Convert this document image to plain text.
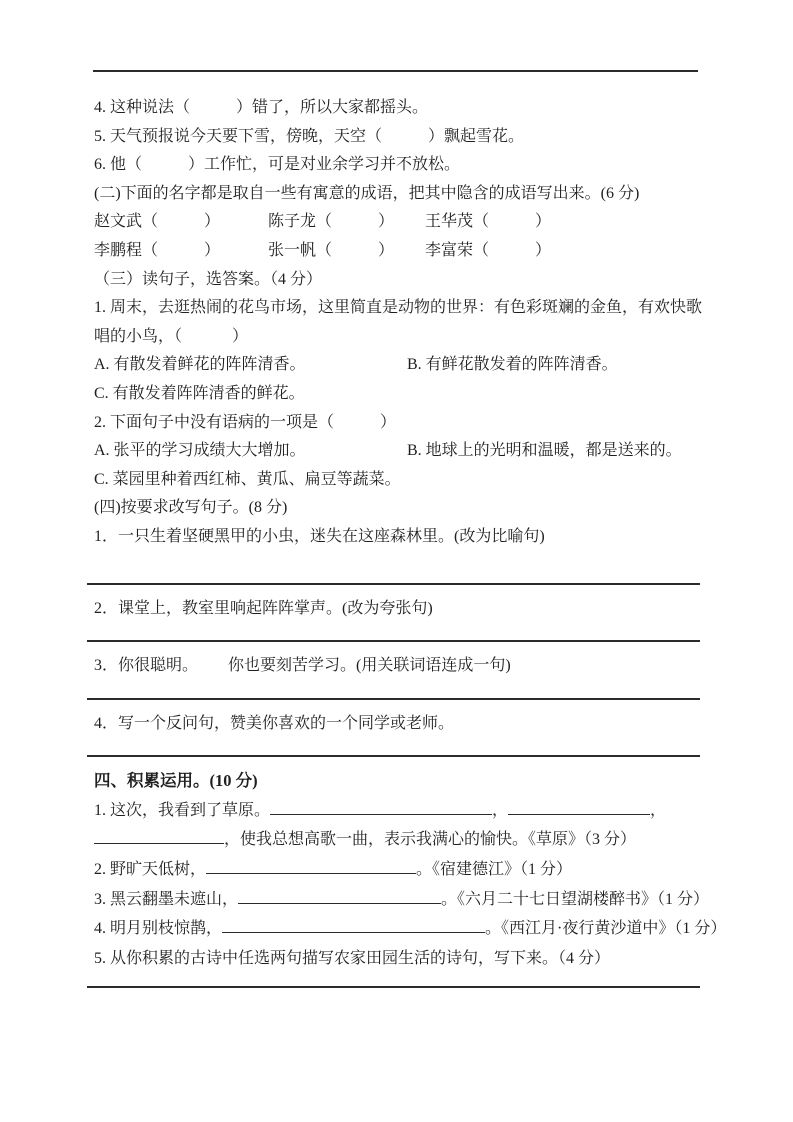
4. 这种说法（	）错了，所以大家都摇头。
5. 天气预报说今天要下雪，傍晚，天空（	）飘起雪花。
6. 他（	）工作忙，可是对业余学习并不放松。
(二)下面的名字都是取自一些有寓意的成语，把其中隐含的成语写出来。(6 分)
赵文武（	）	陈子龙（	）	王华茂（	）
李鹏程（	）	张一帆（	）	李富荣（	）
（三）读句子，选答案。（4 分）
1. 周末，去逛热闹的花鸟市场，这里简直是动物的世界：有色彩斑斓的金鱼，有欢快歌
唱的小鸟，（	）
A. 有散发着鲜花的阵阵清香。	B. 有鲜花散发着的阵阵清香。
C. 有散发着阵阵清香的鲜花。
2. 下面句子中没有语病的一项是（	）
A. 张平的学习成绩大大增加。	B. 地球上的光明和温暖，都是送来的。
C. 菜园里种着西红柿、黄瓜、扁豆等蔬菜。
(四)按要求改写句子。(8 分)
1．一只生着坚硬黑甲的小虫，迷失在这座森林里。(改为比喻句)
2．课堂上，教室里响起阵阵掌声。(改为夸张句)
3．你很聪明。 你也要刻苦学习。(用关联词语连成一句)
4．写一个反问句，赞美你喜欢的一个同学或老师。
四、积累运用。(10 分)
1. 这次，我看到了草原。	，	，
，使我总想高歌一曲，表示我满心的愉快。《草原》（3 分）
2. 野旷天低树，	。《宿建德江》（1 分）
3. 黑云翻墨未遮山，	。《六月二十七日望湖楼醉书》（1 分）
4. 明月别枝惊鹊，	。《西江月·夜行黄沙道中》（1 分）
5. 从你积累的古诗中任选两句描写农家田园生活的诗句，写下来。（4 分）
